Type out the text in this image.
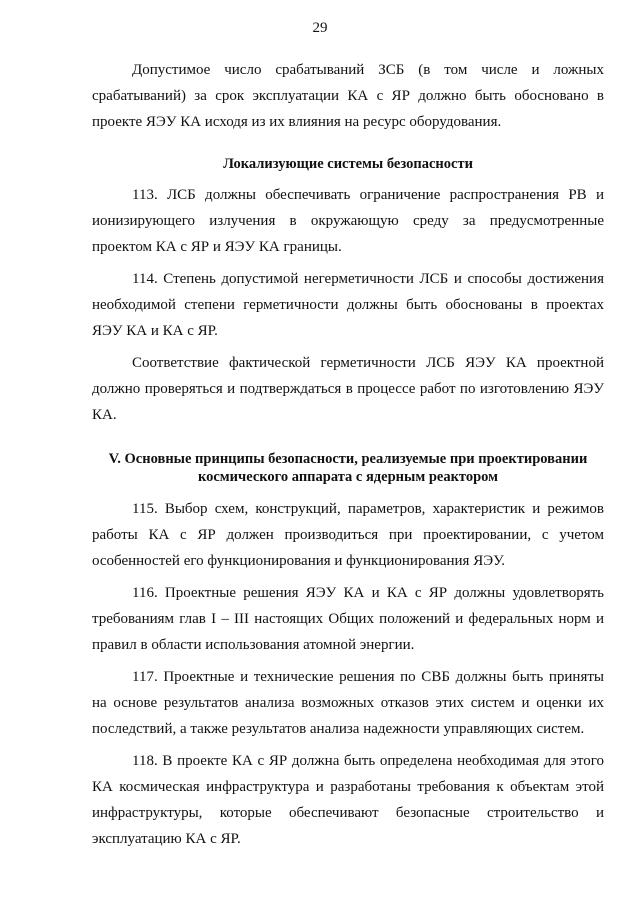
29

Допустимое число срабатываний ЗСБ (в том числе и ложных срабатываний) за срок эксплуатации КА с ЯР должно быть обосновано в проекте ЯЭУ КА исходя из их влияния на ресурс оборудования.

Локализующие системы безопасности

113. ЛСБ должны обеспечивать ограничение распространения РВ и ионизирующего излучения в окружающую среду за предусмотренные проектом КА с ЯР и ЯЭУ КА границы.

114. Степень допустимой негерметичности ЛСБ и способы достижения необходимой степени герметичности должны быть обоснованы в проектах ЯЭУ КА и КА с ЯР.

Соответствие фактической герметичности ЛСБ ЯЭУ КА проектной должно проверяться и подтверждаться в процессе работ по изготовлению ЯЭУ КА.

V. Основные принципы безопасности, реализуемые при проектировании
космического аппарата с ядерным реактором

115. Выбор схем, конструкций, параметров, характеристик и режимов работы КА с ЯР должен производиться при проектировании, с учетом особенностей его функционирования и функционирования ЯЭУ.

116. Проектные решения ЯЭУ КА и КА с ЯР должны удовлетворять требованиям глав I – III настоящих Общих положений и федеральных норм и правил в области использования атомной энергии.

117. Проектные и технические решения по СВБ должны быть приняты на основе результатов анализа возможных отказов этих систем и оценки их последствий, а также результатов анализа надежности управляющих систем.

118. В проекте КА с ЯР должна быть определена необходимая для этого КА космическая инфраструктура и разработаны требования к объектам этой инфраструктуры, которые обеспечивают безопасные строительство и эксплуатацию КА с ЯР.
